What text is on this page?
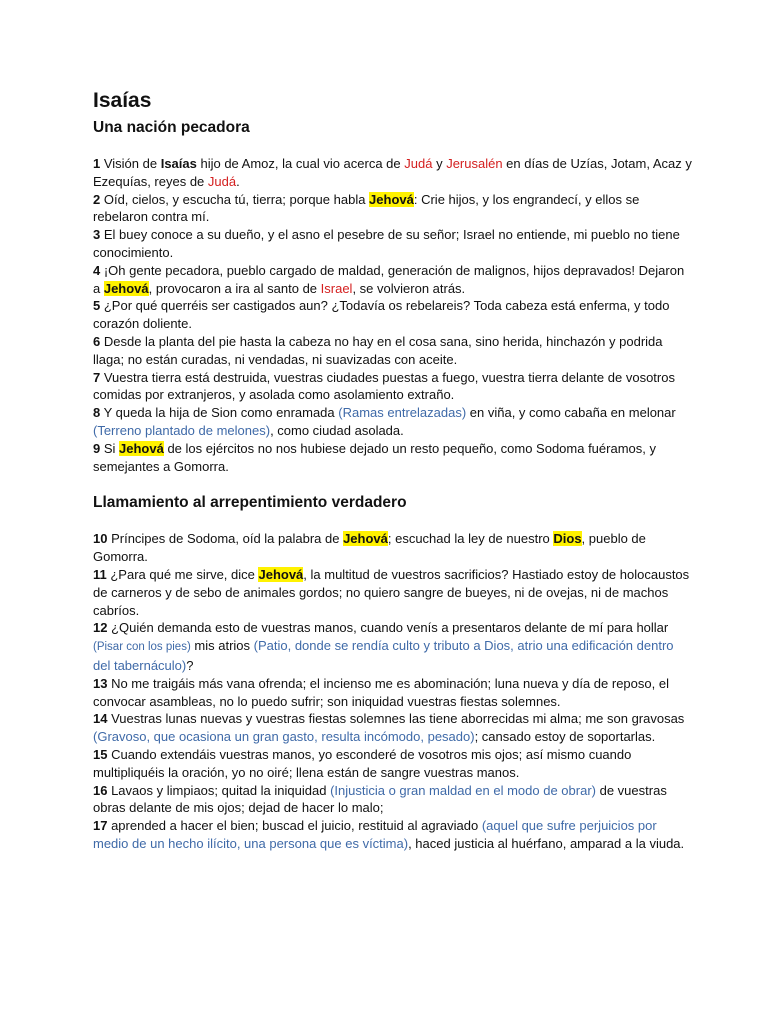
Isaías
Una nación pecadora

1 Visión de Isaías hijo de Amoz, la cual vio acerca de Judá y Jerusalén en días de Uzías, Jotam, Acaz y Ezequías, reyes de Judá.

2 Oíd, cielos, y escucha tú, tierra; porque habla Jehová: Crie hijos, y los engrandecí, y ellos se rebelaron contra mí.

3 El buey conoce a su dueño, y el asno el pesebre de su señor; Israel no entiende, mi pueblo no tiene conocimiento.

4 ¡Oh gente pecadora, pueblo cargado de maldad, generación de malignos, hijos depravados! Dejaron a Jehová, provocaron a ira al santo de Israel, se volvieron atrás.

5 ¿Por qué querréis ser castigados aun? ¿Todavía os rebelareis? Toda cabeza está enferma, y todo corazón doliente.

6 Desde la planta del pie hasta la cabeza no hay en el cosa sana, sino herida, hinchazón y podrida llaga; no están curadas, ni vendadas, ni suavizadas con aceite.

7 Vuestra tierra está destruida, vuestras ciudades puestas a fuego, vuestra tierra delante de vosotros comidas por extranjeros, y asolada como asolamiento extraño.

8 Y queda la hija de Sion como enramada (Ramas entrelazadas) en viña, y como cabaña en melonar (Terreno plantado de melones), como ciudad asolada.

9 Si Jehová de los ejércitos no nos hubiese dejado un resto pequeño, como Sodoma fuéramos, y semejantes a Gomorra.

Llamamiento al arrepentimiento verdadero

10 Príncipes de Sodoma, oíd la palabra de Jehová; escuchad la ley de nuestro Dios, pueblo de Gomorra.

11 ¿Para qué me sirve, dice Jehová, la multitud de vuestros sacrificios? Hastiado estoy de holocaustos de carneros y de sebo de animales gordos; no quiero sangre de bueyes, ni de ovejas, ni de machos cabríos.

12 ¿Quién demanda esto de vuestras manos, cuando venís a presentaros delante de mí para hollar (Pisar con los pies) mis atrios (Patio, donde se rendía culto y tributo a Dios, atrio una edificación dentro del tabernáculo)?

13 No me traigáis más vana ofrenda; el incienso me es abominación; luna nueva y día de reposo, el convocar asambleas, no lo puedo sufrir; son iniquidad vuestras fiestas solemnes.

14 Vuestras lunas nuevas y vuestras fiestas solemnes las tiene aborrecidas mi alma; me son gravosas (Gravoso, que ocasiona un gran gasto, resulta incómodo, pesado); cansado estoy de soportarlas.

15 Cuando extendáis vuestras manos, yo esconderé de vosotros mis ojos; así mismo cuando multipliquéis la oración, yo no oiré; llena están de sangre vuestras manos.

16 Lavaos y limpiaos; quitad la iniquidad (Injusticia o gran maldad en el modo de obrar) de vuestras obras delante de mis ojos; dejad de hacer lo malo;

17 aprended a hacer el bien; buscad el juicio, restituid al agraviado (aquel que sufre perjuicios por medio de un hecho ilícito, una persona que es víctima), haced justicia al huérfano, amparad a la viuda.
